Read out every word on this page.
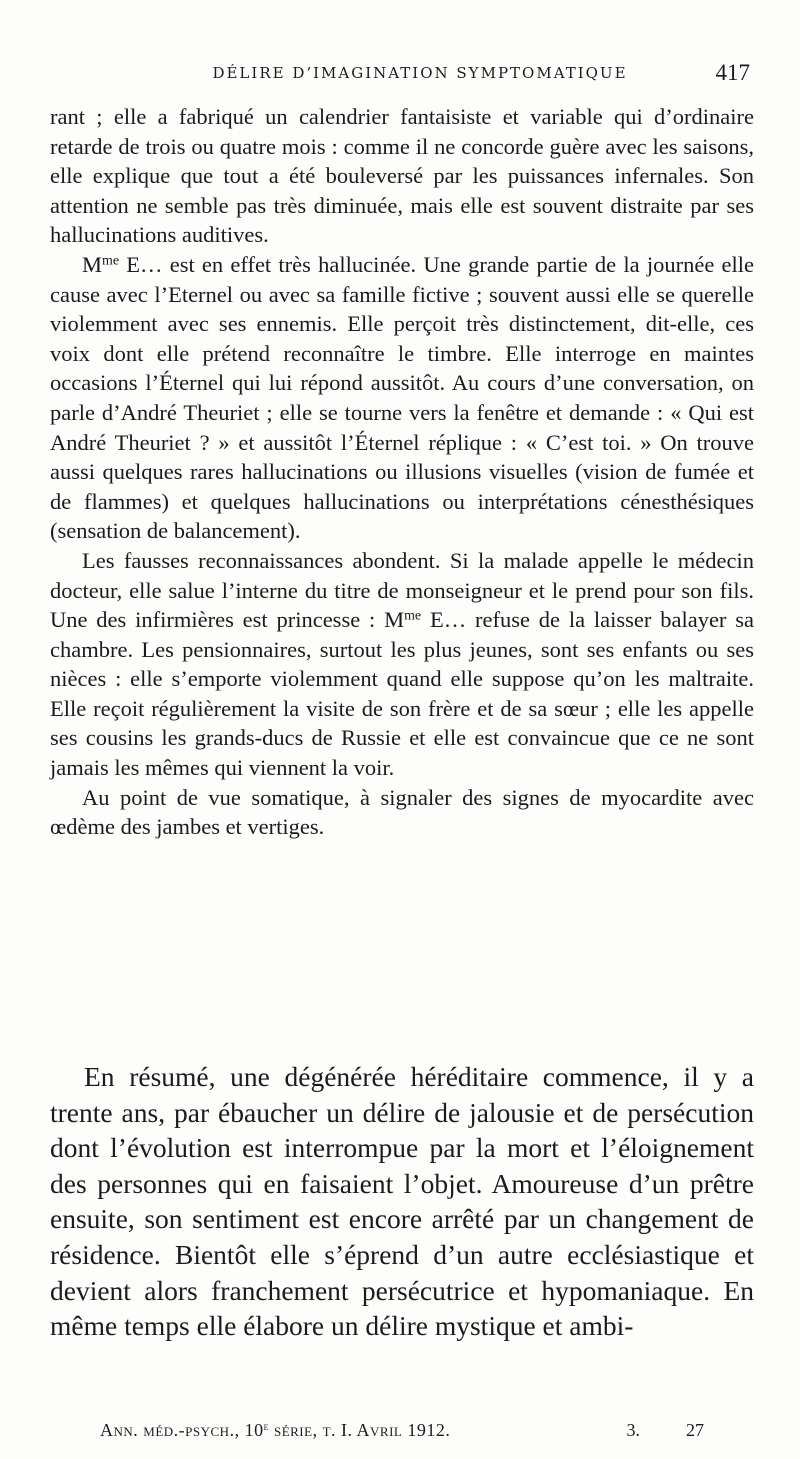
DÉLIRE D’IMAGINATION SYMPTOMATIQUE	417

rant ; elle a fabriqué un calendrier fantaisiste et variable qui d’ordinaire retarde de trois ou quatre mois : comme il ne concorde guère avec les saisons, elle explique que tout a été bouleversé par les puissances infernales. Son attention ne semble pas très diminuée, mais elle est souvent distraite par ses hallucinations auditives.

$M^{me}$ E… est en effet très hallucinée. Une grande partie de la journée elle cause avec l’Eternel ou avec sa famille fictive ; souvent aussi elle se querelle violemment avec ses ennemis. Elle perçoit très distinctement, dit-elle, ces voix dont elle prétend reconnaître le timbre. Elle interroge en maintes occasions l’Éternel qui lui répond aussitôt. Au cours d’une conversation, on parle d’André Theuriet ; elle se tourne vers la fenêtre et demande : « Qui est André Theuriet ? » et aussitôt l’Éternel réplique : « C’est toi. » On trouve aussi quelques rares hallucinations ou illusions visuelles (vision de fumée et de flammes) et quelques hallucinations ou interprétations cénesthésiques (sensation de balancement).

Les fausses reconnaissances abondent. Si la malade appelle le médecin docteur, elle salue l’interne du titre de monseigneur et le prend pour son fils. Une des infirmières est princesse : $M^{me}$ E… refuse de la laisser balayer sa chambre. Les pensionnaires, surtout les plus jeunes, sont ses enfants ou ses nièces : elle s’emporte violemment quand elle suppose qu’on les maltraite. Elle reçoit régulièrement la visite de son frère et de sa sœur ; elle les appelle ses cousins les grands-ducs de Russie et elle est convaincue que ce ne sont jamais les mêmes qui viennent la voir.

Au point de vue somatique, à signaler des signes de myocardite avec œdème des jambes et vertiges.

En résumé, une dégénérée héréditaire commence, il y a trente ans, par ébaucher un délire de jalousie et de persécution dont l’évolution est interrompue par la mort et l’éloignement des personnes qui en faisaient l’objet. Amoureuse d’un prêtre ensuite, son sentiment est encore arrêté par un changement de résidence. Bientôt elle s’éprend d’un autre ecclésiastique et devient alors franchement persécutrice et hypomaniaque. En même temps elle élabore un délire mystique et ambi-

Ann. méd.-psych., 10e série, t. I. Avril 1912.	3.	27
